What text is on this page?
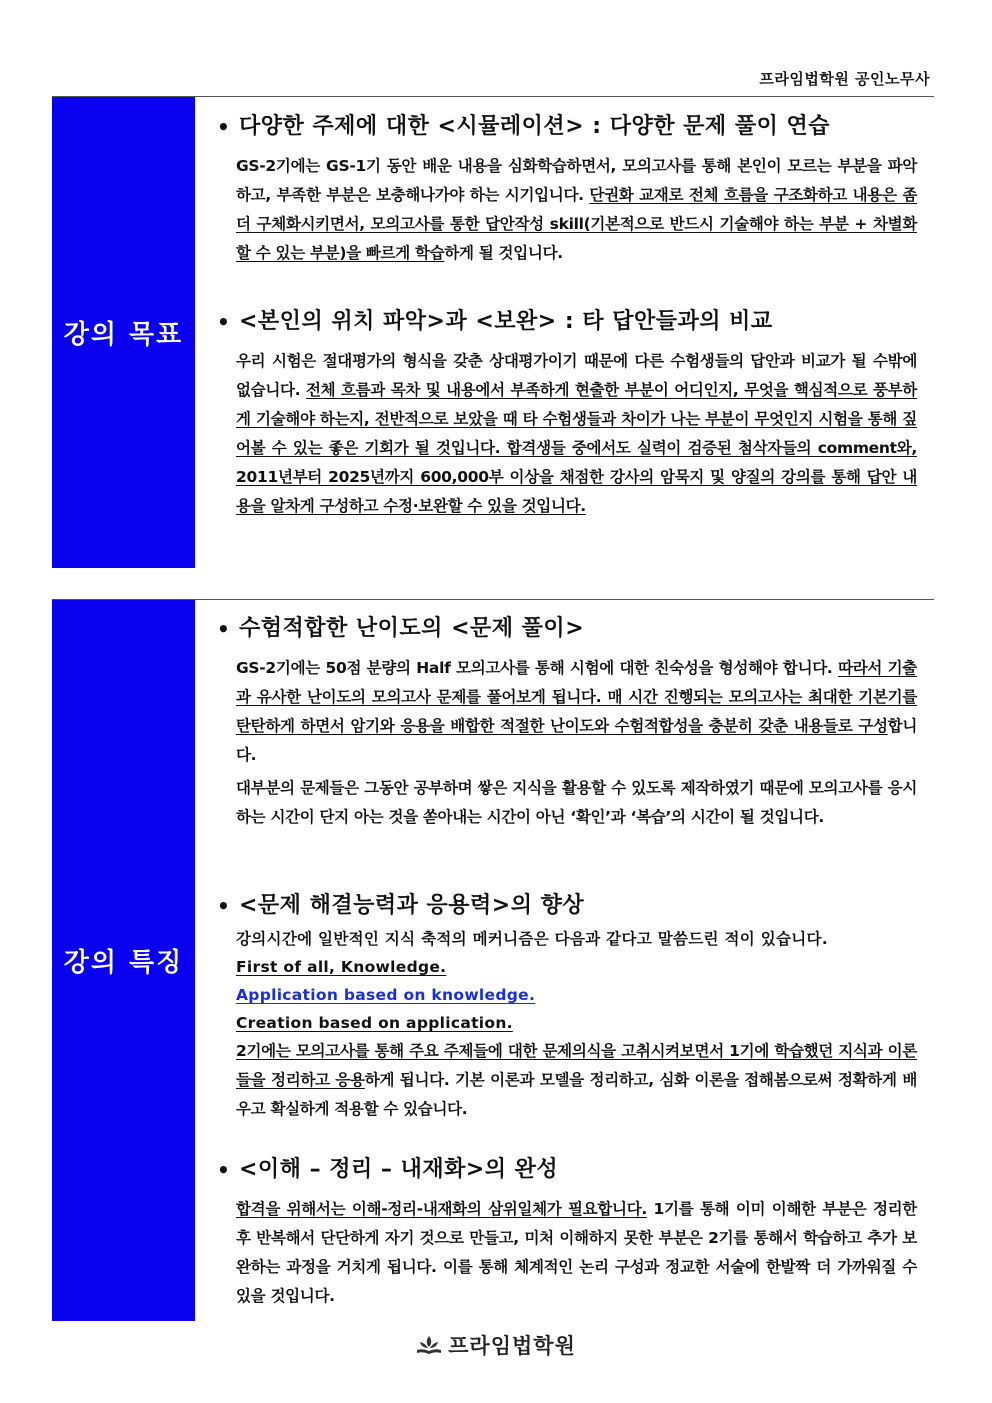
프라임법학원 공인노무사
강의 목표

• 다양한 주제에 대한 <시뮬레이션> : 다양한 문제 풀이 연습

GS-2기에는 GS-1기 동안 배운 내용을 심화학습하면서, 모의고사를 통해 본인이 모르는 부분을 파악하고, 부족한 부분은 보충해나가야 하는 시기입니다. 단권화 교재로 전체 흐름을 구조화하고 내용은 좀 더 구체화시키면서, 모의고사를 통한 답안작성 skill(기본적으로 반드시 기술해야 하는 부분 + 차별화 할 수 있는 부분)을 빠르게 학습하게 될 것입니다.

• <본인의 위치 파악>과 <보완> : 타 답안들과의 비교

우리 시험은 절대평가의 형식을 갖춘 상대평가이기 때문에 다른 수험생들의 답안과 비교가 될 수밖에 없습니다. 전체 흐름과 목차 및 내용에서 부족하게 현출한 부분이 어디인지, 무엇을 핵심적으로 풍부하게 기술해야 하는지, 전반적으로 보았을 때 타 수험생들과 차이가 나는 부분이 무엇인지 시험을 통해 짚어볼 수 있는 좋은 기회가 될 것입니다. 합격생들 중에서도 실력이 검증된 첨삭자들의 comment와, 2011년부터 2025년까지 600,000부 이상을 채점한 강사의 암묵지 및 양질의 강의를 통해 답안 내용을 알차게 구성하고 수정·보완할 수 있을 것입니다.

강의 특징

• 수험적합한 난이도의 <문제 풀이>

GS-2기에는 50점 분량의 Half 모의고사를 통해 시험에 대한 친숙성을 형성해야 합니다. 따라서 기출과 유사한 난이도의 모의고사 문제를 풀어보게 됩니다. 매 시간 진행되는 모의고사는 최대한 기본기를 탄탄하게 하면서 암기와 응용을 배합한 적절한 난이도와 수험적합성을 충분히 갖춘 내용들로 구성합니다.

대부분의 문제들은 그동안 공부하며 쌓은 지식을 활용할 수 있도록 제작하였기 때문에 모의고사를 응시하는 시간이 단지 아는 것을 쏟아내는 시간이 아닌 ‘확인’과 ‘복습’의 시간이 될 것입니다.

• <문제 해결능력과 응용력>의 향상

강의시간에 일반적인 지식 축적의 메커니즘은 다음과 같다고 말씀드린 적이 있습니다.

First of all, Knowledge.

Application based on knowledge.

Creation based on application.

2기에는 모의고사를 통해 주요 주제들에 대한 문제의식을 고취시켜보면서 1기에 학습했던 지식과 이론들을 정리하고 응용하게 됩니다. 기본 이론과 모델을 정리하고, 심화 이론을 접해봄으로써 정확하게 배우고 확실하게 적용할 수 있습니다.

• <이해 – 정리 – 내재화>의 완성

합격을 위해서는 이해-정리-내재화의 삼위일체가 필요합니다. 1기를 통해 이미 이해한 부분은 정리한 후 반복해서 단단하게 자기 것으로 만들고, 미처 이해하지 못한 부분은 2기를 통해서 학습하고 추가 보완하는 과정을 거치게 됩니다. 이를 통해 체계적인 논리 구성과 정교한 서술에 한발짝 더 가까워질 수 있을 것입니다.

프라임법학원
